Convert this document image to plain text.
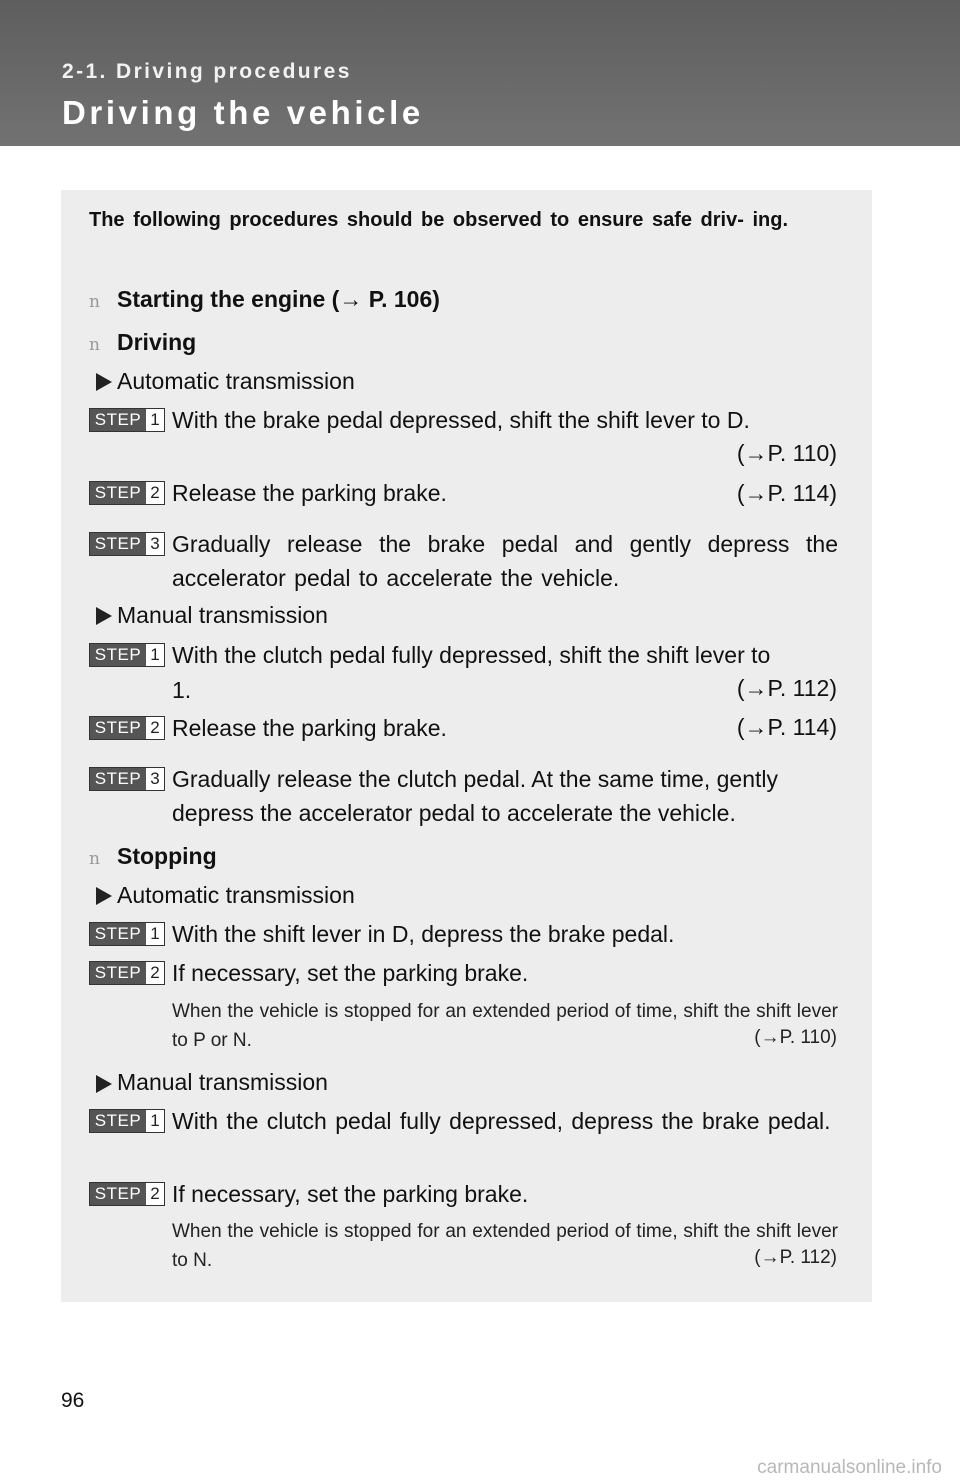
2-1. Driving procedures
Driving the vehicle
The following procedures should be observed to ensure safe driv- ing.
n Starting the engine (→ P. 106)
n Driving
Automatic transmission
STEP 1 With the brake pedal depressed, shift the shift lever to D.
(→P. 110)
STEP 2 Release the parking brake.	(→P. 114)
STEP 3 Gradually release the brake pedal and gently depress the accelerator pedal to accelerate the vehicle.
Manual transmission
STEP 1 With the clutch pedal fully depressed, shift the shift lever to
1.	(→P. 112)
STEP 2 Release the parking brake.	(→P. 114)
STEP 3 Gradually release the clutch pedal. At the same time, gently depress the accelerator pedal to accelerate the vehicle.
n Stopping
Automatic transmission
STEP 1 With the shift lever in D, depress the brake pedal.
STEP 2 If necessary, set the parking brake.
When the vehicle is stopped for an extended period of time, shift the shift lever to P or N.	(→P. 110)
Manual transmission
STEP 1 With the clutch pedal fully depressed, depress the brake pedal.
STEP 2 If necessary, set the parking brake.
When the vehicle is stopped for an extended period of time, shift the shift lever to N.	(→P. 112)
96
carmanualsonline.info
